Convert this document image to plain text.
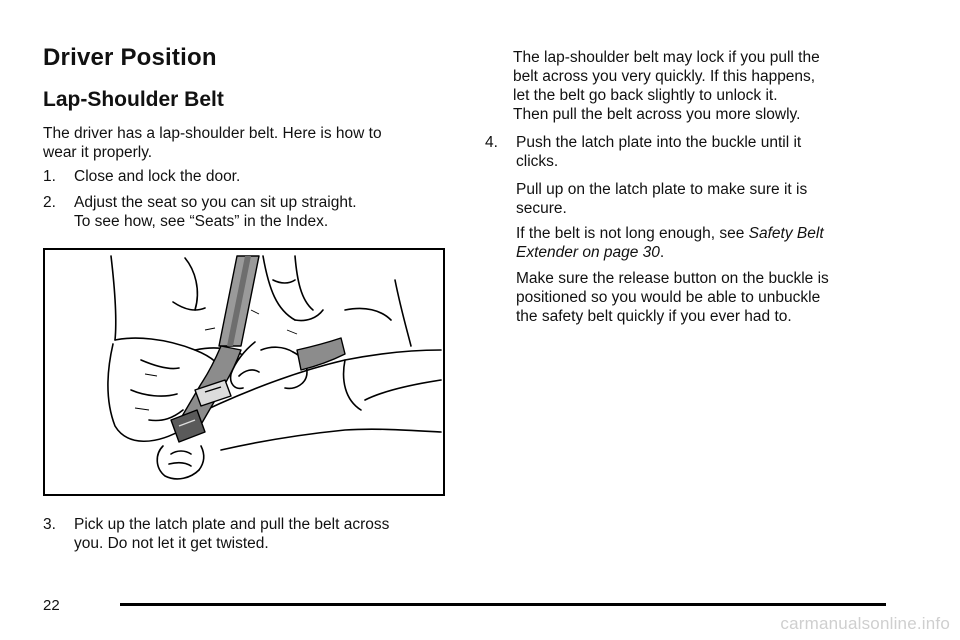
Driver Position
Lap-Shoulder Belt

The driver has a lap-shoulder belt. Here is how to
wear it properly.

1. Close and lock the door.
2. Adjust the seat so you can sit up straight.
To see how, see “Seats” in the Index.
3. Pick up the latch plate and pull the belt across
you. Do not let it get twisted.

The lap-shoulder belt may lock if you pull the
belt across you very quickly. If this happens,
let the belt go back slightly to unlock it.
Then pull the belt across you more slowly.

4. Push the latch plate into the buckle until it
clicks.

Pull up on the latch plate to make sure it is
secure.

If the belt is not long enough, see Safety Belt
Extender on page 30.

Make sure the release button on the buckle is
positioned so you would be able to unbuckle
the safety belt quickly if you ever had to.

22
carmanualsonline.info
